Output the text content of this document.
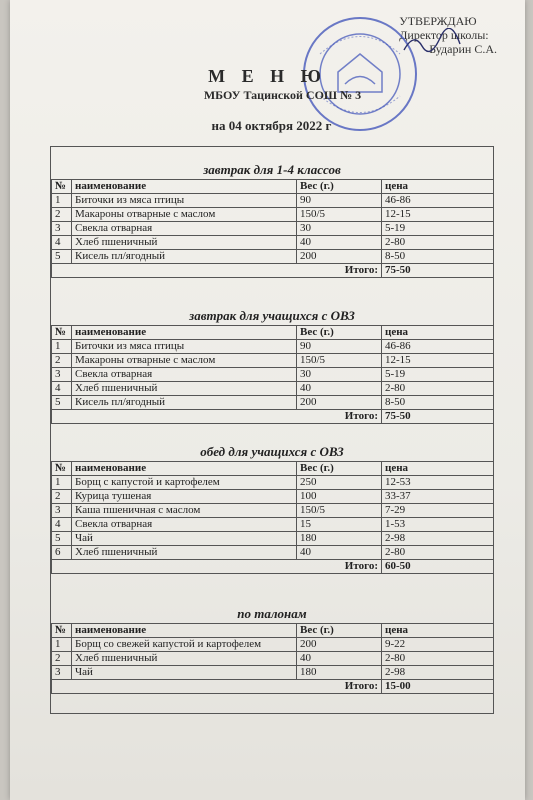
УТВЕРЖДАЮ
Директор школы:
Бударин С.А.
М Е Н Ю
МБОУ Тацинской СОШ № 3
на 04 октября 2022 г
завтрак для 1-4 классов
№	наименование	Вес (г.)	цена
1	Биточки из мяса птицы	90	46-86
2	Макароны отварные с маслом	150/5	12-15
3	Свекла отварная	30	5-19
4	Хлеб пшеничный	40	2-80
5	Кисель пл/ягодный	200	8-50
Итого:			75-50
завтрак для учащихся с ОВЗ
№	наименование	Вес (г.)	цена
1	Биточки из мяса птицы	90	46-86
2	Макароны отварные с маслом	150/5	12-15
3	Свекла отварная	30	5-19
4	Хлеб пшеничный	40	2-80
5	Кисель пл/ягодный	200	8-50
Итого:			75-50
обед для учащихся с ОВЗ
№	наименование	Вес (г.)	цена
1	Борщ с капустой и картофелем	250	12-53
2	Курица тушеная	100	33-37
3	Каша пшеничная с маслом	150/5	7-29
4	Свекла отварная	15	1-53
5	Чай	180	2-98
6	Хлеб пшеничный	40	2-80
Итого:			60-50
по талонам
№	наименование	Вес (г.)	цена
1	Борщ со свежей капустой и картофелем	200	9-22
2	Хлеб пшеничный	40	2-80
3	Чай	180	2-98
Итого:			15-00
